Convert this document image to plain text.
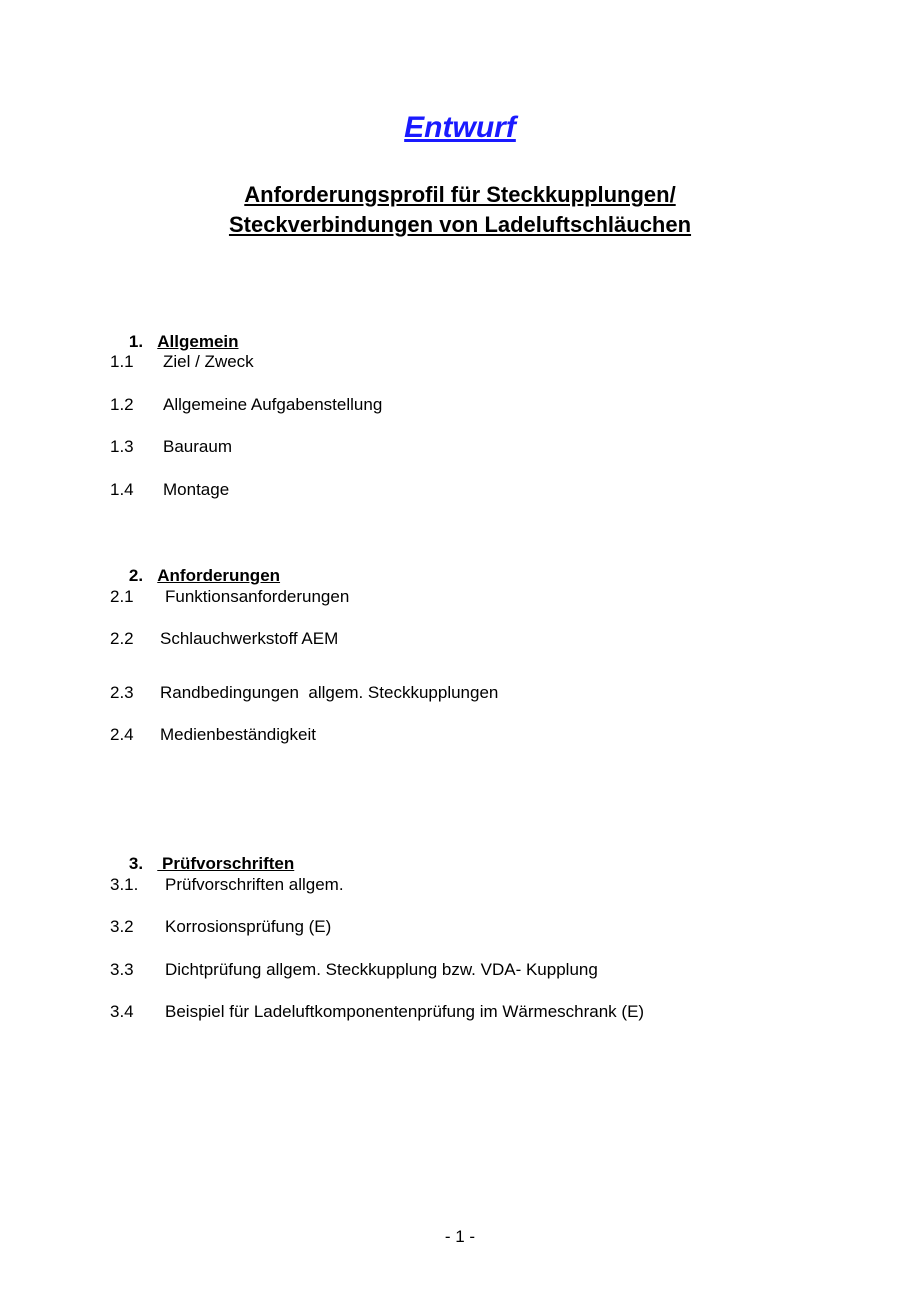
Entwurf
Anforderungsprofil für Steckkupplungen/
Steckverbindungen von Ladeluftschläuchen

1. Allgemein

1.1 Ziel / Zweck
1.2 Allgemeine Aufgabenstellung
1.3 Bauraum
1.4 Montage

2. Anforderungen

2.1 Funktionsanforderungen
2.2 Schlauchwerkstoff AEM
2.3 Randbedingungen  allgem. Steckkupplungen
2.4 Medienbeständigkeit

3.    Prüfvorschriften

3.1. Prüfvorschriften allgem.
3.2 Korrosionsprüfung (E)
3.3 Dichtprüfung allgem. Steckkupplung bzw. VDA- Kupplung
3.4 Beispiel für Ladeluftkomponentenprüfung im Wärmeschrank (E)
- 1 -
